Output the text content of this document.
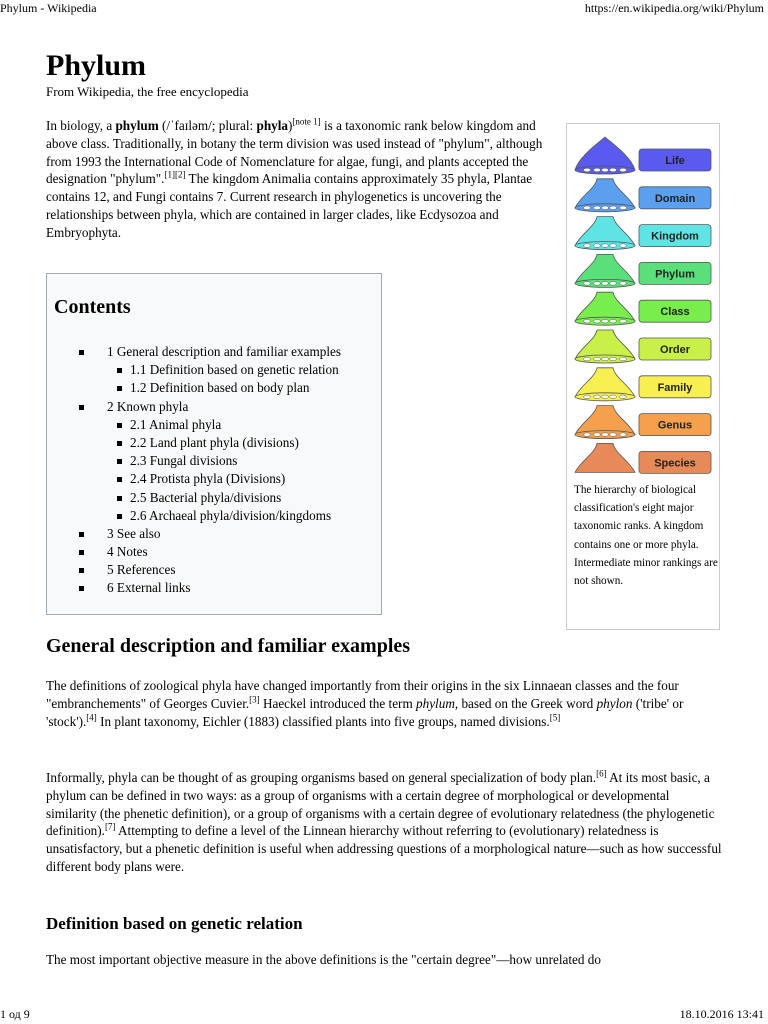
Phylum - Wikipedia	https://en.wikipedia.org/wiki/Phylum
Phylum
From Wikipedia, the free encyclopedia
In biology, a phylum (/ˈfaɪləm/; plural: phyla)[note 1] is a taxonomic rank below kingdom and above class. Traditionally, in botany the term division was used instead of "phylum", although from 1993 the International Code of Nomenclature for algae, fungi, and plants accepted the designation "phylum".[1][2] The kingdom Animalia contains approximately 35 phyla, Plantae contains 12, and Fungi contains 7. Current research in phylogenetics is uncovering the relationships between phyla, which are contained in larger clades, like Ecdysozoa and Embryophyta.
Contents
1 General description and familiar examples
1.1 Definition based on genetic relation
1.2 Definition based on body plan
2 Known phyla
2.1 Animal phyla
2.2 Land plant phyla (divisions)
2.3 Fungal divisions
2.4 Protista phyla (Divisions)
2.5 Bacterial phyla/divisions
2.6 Archaeal phyla/division/kingdoms
3 See also
4 Notes
5 References
6 External links
Life
Domain
Kingdom
Phylum
Class
Order
Family
Genus
Species
The hierarchy of biological classification's eight major taxonomic ranks. A kingdom contains one or more phyla. Intermediate minor rankings are not shown.
General description and familiar examples

The definitions of zoological phyla have changed importantly from their origins in the six Linnaean classes and the four "embranchements" of Georges Cuvier.[3] Haeckel introduced the term phylum, based on the Greek word phylon ('tribe' or 'stock').[4] In plant taxonomy, Eichler (1883) classified plants into five groups, named divisions.[5]

Informally, phyla can be thought of as grouping organisms based on general specialization of body plan.[6] At its most basic, a phylum can be defined in two ways: as a group of organisms with a certain degree of morphological or developmental similarity (the phenetic definition), or a group of organisms with a certain degree of evolutionary relatedness (the phylogenetic definition).[7] Attempting to define a level of the Linnean hierarchy without referring to (evolutionary) relatedness is unsatisfactory, but a phenetic definition is useful when addressing questions of a morphological nature—such as how successful different body plans were.

Definition based on genetic relation

The most important objective measure in the above definitions is the "certain degree"—how unrelated do

1 од 9	18.10.2016 13:41
